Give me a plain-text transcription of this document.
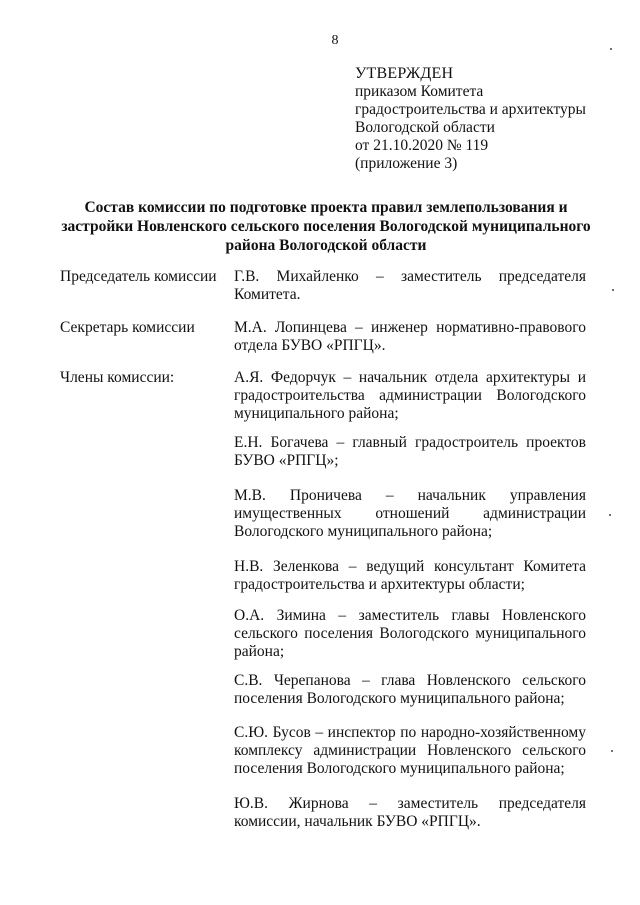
8
УТВЕРЖДЕН
приказом Комитета
градостроительства и архитектуры
Вологодской области
от 21.10.2020 № 119
(приложение 3)
Состав комиссии по подготовке проекта правил землепользования и
застройки Новленского сельского поселения Вологодской муниципального
района Вологодской области
Председатель комиссии	Г.В. Михайленко – заместитель председателя
Комитета.
Секретарь комиссии	М.А. Лопинцева – инженер нормативно-правового
отдела БУВО «РПГЦ».
Члены комиссии:	А.Я. Федорчук – начальник отдела архитектуры и
градостроительства администрации Вологодского
муниципального района;
Е.Н. Богачева – главный градостроитель проектов
БУВО «РПГЦ»;
М.В. Проничева – начальник управления
имущественных отношений администрации
Вологодского муниципального района;
Н.В. Зеленкова – ведущий консультант Комитета
градостроительства и архитектуры области;
О.А. Зимина – заместитель главы Новленского
сельского поселения Вологодского муниципального
района;
С.В. Черепанова – глава Новленского сельского
поселения Вологодского муниципального района;
С.Ю. Бусов – инспектор по народно-хозяйственному
комплексу администрации Новленского сельского
поселения Вологодского муниципального района;
Ю.В. Жирнова – заместитель председателя
комиссии, начальник БУВО «РПГЦ».
